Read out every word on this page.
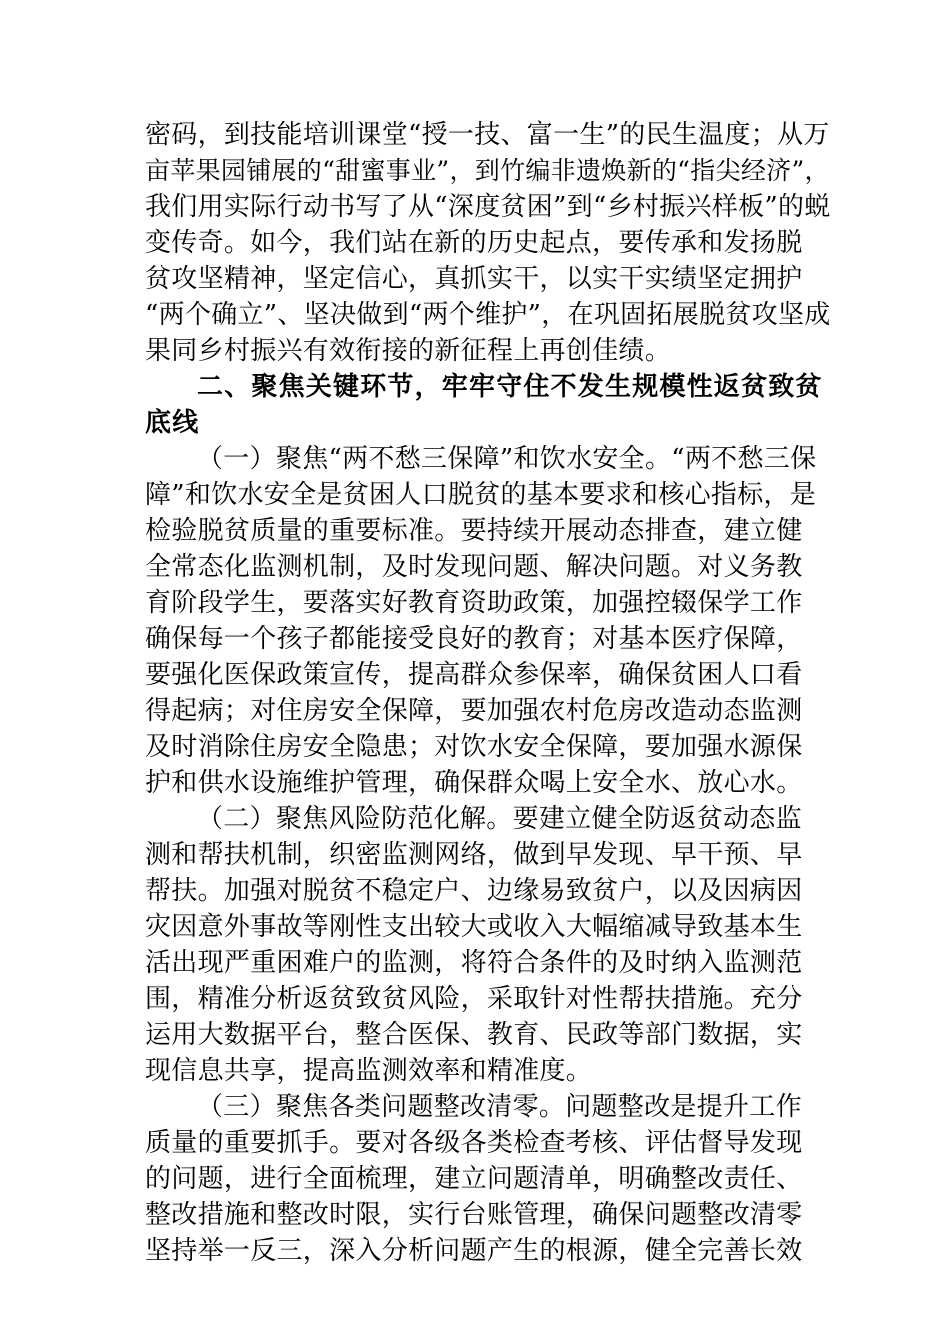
密码，到技能培训课堂“授一技、富一生”的民生温度；从万
亩苹果园铺展的“甜蜜事业”，到竹编非遗焕新的“指尖经济”，
我们用实际行动书写了从“深度贫困”到“乡村振兴样板”的蜕
变传奇。如今，我们站在新的历史起点，要传承和发扬脱
贫攻坚精神，坚定信心，真抓实干，以实干实绩坚定拥护
“两个确立”、坚决做到“两个维护”，在巩固拓展脱贫攻坚成
果同乡村振兴有效衔接的新征程上再创佳绩。
二、聚焦关键环节，牢牢守住不发生规模性返贫致贫
底线
（一）聚焦“两不愁三保障”和饮水安全。“两不愁三保
障”和饮水安全是贫困人口脱贫的基本要求和核心指标，是
检验脱贫质量的重要标准。要持续开展动态排查，建立健
全常态化监测机制，及时发现问题、解决问题。对义务教
育阶段学生，要落实好教育资助政策，加强控辍保学工作
确保每一个孩子都能接受良好的教育；对基本医疗保障，
要强化医保政策宣传，提高群众参保率，确保贫困人口看
得起病；对住房安全保障，要加强农村危房改造动态监测
及时消除住房安全隐患；对饮水安全保障，要加强水源保
护和供水设施维护管理，确保群众喝上安全水、放心水。
（二）聚焦风险防范化解。要建立健全防返贫动态监
测和帮扶机制，织密监测网络，做到早发现、早干预、早
帮扶。加强对脱贫不稳定户、边缘易致贫户，以及因病因
灾因意外事故等刚性支出较大或收入大幅缩减导致基本生
活出现严重困难户的监测，将符合条件的及时纳入监测范
围，精准分析返贫致贫风险，采取针对性帮扶措施。充分
运用大数据平台，整合医保、教育、民政等部门数据，实
现信息共享，提高监测效率和精准度。
（三）聚焦各类问题整改清零。问题整改是提升工作
质量的重要抓手。要对各级各类检查考核、评估督导发现
的问题，进行全面梳理，建立问题清单，明确整改责任、
整改措施和整改时限，实行台账管理，确保问题整改清零
坚持举一反三，深入分析问题产生的根源，健全完善长效
